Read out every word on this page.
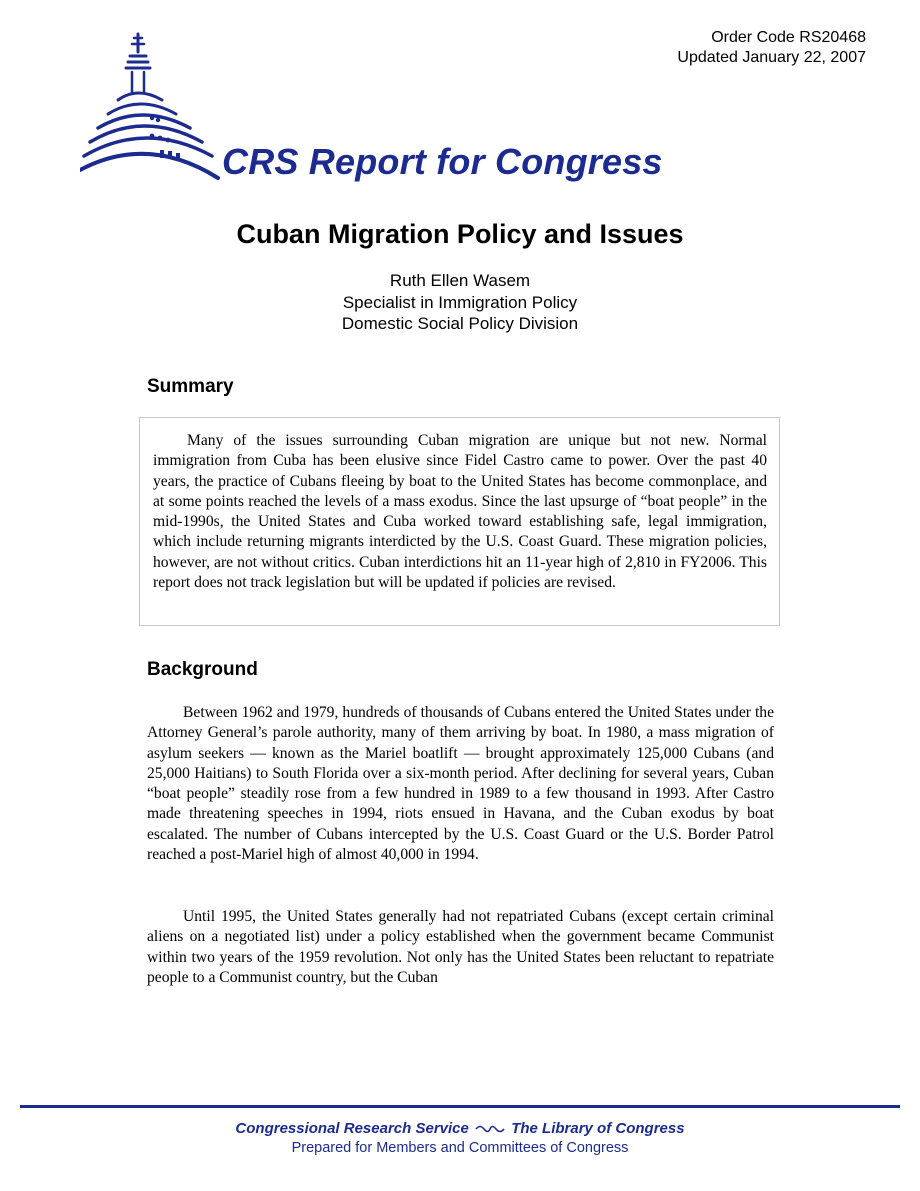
Order Code RS20468
Updated January 22, 2007
CRS Report for Congress
Cuban Migration Policy and Issues
Ruth Ellen Wasem
Specialist in Immigration Policy
Domestic Social Policy Division
Summary

Many of the issues surrounding Cuban migration are unique but not new. Normal immigration from Cuba has been elusive since Fidel Castro came to power. Over the past 40 years, the practice of Cubans fleeing by boat to the United States has become commonplace, and at some points reached the levels of a mass exodus. Since the last upsurge of “boat people” in the mid-1990s, the United States and Cuba worked toward establishing safe, legal immigration, which include returning migrants interdicted by the U.S. Coast Guard. These migration policies, however, are not without critics. Cuban interdictions hit an 11-year high of 2,810 in FY2006. This report does not track legislation but will be updated if policies are revised.

Background

Between 1962 and 1979, hundreds of thousands of Cubans entered the United States under the Attorney General’s parole authority, many of them arriving by boat. In 1980, a mass migration of asylum seekers — known as the Mariel boatlift — brought approximately 125,000 Cubans (and 25,000 Haitians) to South Florida over a six-month period. After declining for several years, Cuban “boat people” steadily rose from a few hundred in 1989 to a few thousand in 1993. After Castro made threatening speeches in 1994, riots ensued in Havana, and the Cuban exodus by boat escalated. The number of Cubans intercepted by the U.S. Coast Guard or the U.S. Border Patrol reached a post-Mariel high of almost 40,000 in 1994.

Until 1995, the United States generally had not repatriated Cubans (except certain criminal aliens on a negotiated list) under a policy established when the government became Communist within two years of the 1959 revolution. Not only has the United States been reluctant to repatriate people to a Communist country, but the Cuban

Congressional Research Service	The Library of Congress
Prepared for Members and Committees of Congress
